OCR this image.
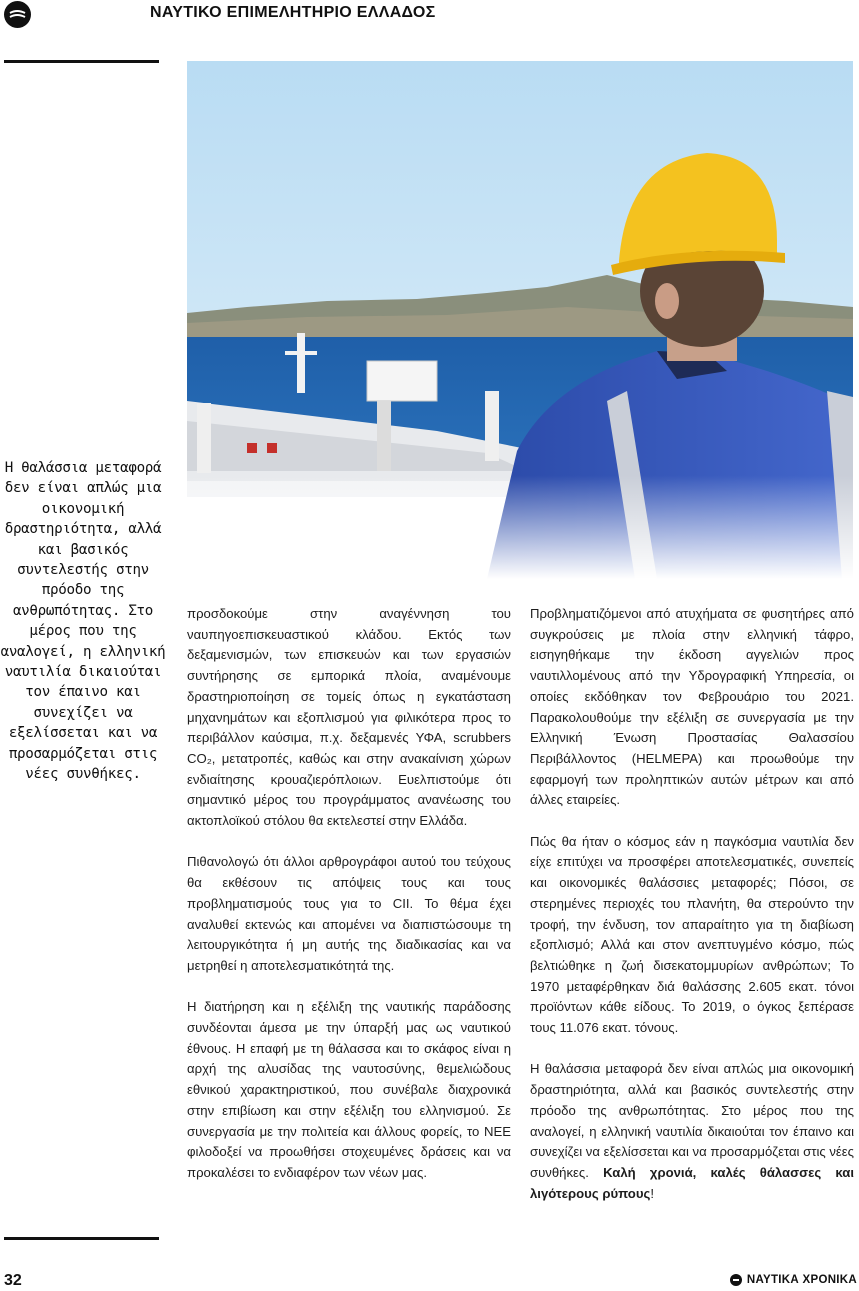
ΝΑΥΤΙΚΟ ΕΠΙΜΕΛΗΤΗΡΙΟ ΕΛΛΑΔΟΣ
Η θαλάσσια μεταφορά δεν είναι απλώς μια οικονομική δραστηριότητα, αλλά και βασικός συντελεστής στην πρόοδο της ανθρωπότητας. Στο μέρος που της αναλογεί, η ελληνική ναυτιλία δικαιούται τον έπαινο και συνεχίζει να εξελίσσεται και να προσαρμόζεται στις νέες συνθήκες.

προσδοκούμε στην αναγέννηση του ναυπηγοεπισκευαστικού κλάδου. Εκτός των δεξαμενισμών, των επισκευών και των εργασιών συντήρησης σε εμπορικά πλοία, αναμένουμε δραστηριοποίηση σε τομείς όπως η εγκατάσταση μηχανημάτων και εξοπλισμού για φιλικότερα προς το περιβάλλον καύσιμα, π.χ. δεξαμενές ΥΦΑ, scrubbers CO₂, μετατροπές, καθώς και στην ανακαίνιση χώρων ενδιαίτησης κρουαζιερόπλοιων. Ευελπιστούμε ότι σημαντικό μέρος του προγράμματος ανανέωσης του ακτοπλοϊκού στόλου θα εκτελεστεί στην Ελλάδα.

Πιθανολογώ ότι άλλοι αρθρογράφοι αυτού του τεύχους θα εκθέσουν τις απόψεις τους και τους προβληματισμούς τους για το CII. Το θέμα έχει αναλυθεί εκτενώς και απομένει να διαπιστώσουμε τη λειτουργικότητα ή μη αυτής της διαδικασίας και να μετρηθεί η αποτελεσματικότητά της.

Η διατήρηση και η εξέλιξη της ναυτικής παράδοσης συνδέονται άμεσα με την ύπαρξή μας ως ναυτικού έθνους. Η επαφή με τη θάλασσα και το σκάφος είναι η αρχή της αλυσίδας της ναυτοσύνης, θεμελιώδους εθνικού χαρακτηριστικού, που συνέβαλε διαχρονικά στην επιβίωση και στην εξέλιξη του ελληνισμού. Σε συνεργασία με την πολιτεία και άλλους φορείς, το ΝΕΕ φιλοδοξεί να προωθήσει στοχευμένες δράσεις και να προκαλέσει το ενδιαφέρον των νέων μας.

Προβληματιζόμενοι από ατυχήματα σε φυσητήρες από συγκρούσεις με πλοία στην ελληνική τάφρο, εισηγηθήκαμε την έκδοση αγγελιών προς ναυτιλλομένους από την Υδρογραφική Υπηρεσία, οι οποίες εκδόθηκαν τον Φεβρουάριο του 2021. Παρακολουθούμε την εξέλιξη σε συνεργασία με την Ελληνική Ένωση Προστασίας Θαλασσίου Περιβάλλοντος (HELMEPA) και προωθούμε την εφαρμογή των προληπτικών αυτών μέτρων και από άλλες εταιρείες.

Πώς θα ήταν ο κόσμος εάν η παγκόσμια ναυτιλία δεν είχε επιτύχει να προσφέρει αποτελεσματικές, συνεπείς και οικονομικές θαλάσσιες μεταφορές; Πόσοι, σε στερημένες περιοχές του πλανήτη, θα στερούντο την τροφή, την ένδυση, τον απαραίτητο για τη διαβίωση εξοπλισμό; Αλλά και στον ανεπτυγμένο κόσμο, πώς βελτιώθηκε η ζωή δισεκατομμυρίων ανθρώπων; Το 1970 μεταφέρθηκαν διά θαλάσσης 2.605 εκατ. τόνοι προϊόντων κάθε είδους. Το 2019, ο όγκος ξεπέρασε τους 11.076 εκατ. τόνους.

Η θαλάσσια μεταφορά δεν είναι απλώς μια οικονομική δραστηριότητα, αλλά και βασικός συντελεστής στην πρόοδο της ανθρωπότητας. Στο μέρος που της αναλογεί, η ελληνική ναυτιλία δικαιούται τον έπαινο και συνεχίζει να εξελίσσεται και να προσαρμόζεται στις νέες συνθήκες. Καλή χρονιά, καλές θάλασσες και λιγότερους ρύπους!

32	ΝΑΥΤΙΚΑ ΧΡΟΝΙΚΑ
